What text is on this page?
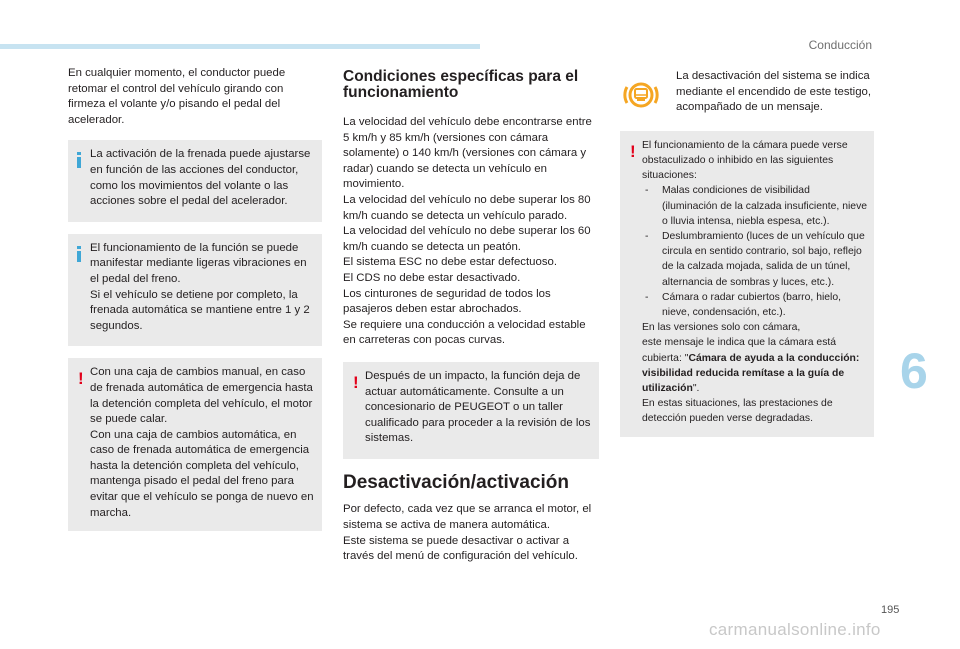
Conducción

En cualquier momento, el conductor puede retomar el control del vehículo girando con firmeza el volante y/o pisando el pedal del acelerador.

La activación de la frenada puede ajustarse en función de las acciones del conductor, como los movimientos del volante o las acciones sobre el pedal del acelerador.

El funcionamiento de la función se puede manifestar mediante ligeras vibraciones en el pedal del freno.

Si el vehículo se detiene por completo, la frenada automática se mantiene entre 1 y 2 segundos.

! Con una caja de cambios manual, en caso de frenada automática de emergencia hasta la detención completa del vehículo, el motor se puede calar.

Con una caja de cambios automática, en caso de frenada automática de emergencia hasta la detención completa del vehículo, mantenga pisado el pedal del freno para evitar que el vehículo se ponga de nuevo en marcha.

Condiciones específicas para el funcionamiento

La velocidad del vehículo debe encontrarse entre 5 km/h y 85 km/h (versiones con cámara solamente) o 140 km/h (versiones con cámara y radar) cuando se detecta un vehículo en movimiento.

La velocidad del vehículo no debe superar los 80 km/h cuando se detecta un vehículo parado.

La velocidad del vehículo no debe superar los 60 km/h cuando se detecta un peatón.

El sistema ESC no debe estar defectuoso.

El CDS no debe estar desactivado.

Los cinturones de seguridad de todos los pasajeros deben estar abrochados.

Se requiere una conducción a velocidad estable en carreteras con pocas curvas.

! Después de un impacto, la función deja de actuar automáticamente. Consulte a un concesionario de PEUGEOT o un taller cualificado para proceder a la revisión de los sistemas.

Desactivación/activación

Por defecto, cada vez que se arranca el motor, el sistema se activa de manera automática.

Este sistema se puede desactivar o activar a través del menú de configuración del vehículo.

La desactivación del sistema se indica mediante el encendido de este testigo, acompañado de un mensaje.

! El funcionamiento de la cámara puede verse obstaculizado o inhibido en las siguientes situaciones:

- Malas condiciones de visibilidad (iluminación de la calzada insuficiente, nieve o lluvia intensa, niebla espesa, etc.).
- Deslumbramiento (luces de un vehículo que circula en sentido contrario, sol bajo, reflejo de la calzada mojada, salida de un túnel, alternancia de sombras y luces, etc.).
- Cámara o radar cubiertos (barro, hielo, nieve, condensación, etc.).

En las versiones solo con cámara,

este mensaje le indica que la cámara está cubierta: "Cámara de ayuda a la conducción: visibilidad reducida remítase a la guía de utilización".

En estas situaciones, las prestaciones de detección pueden verse degradadas.

6
195
carmanualsonline.info
